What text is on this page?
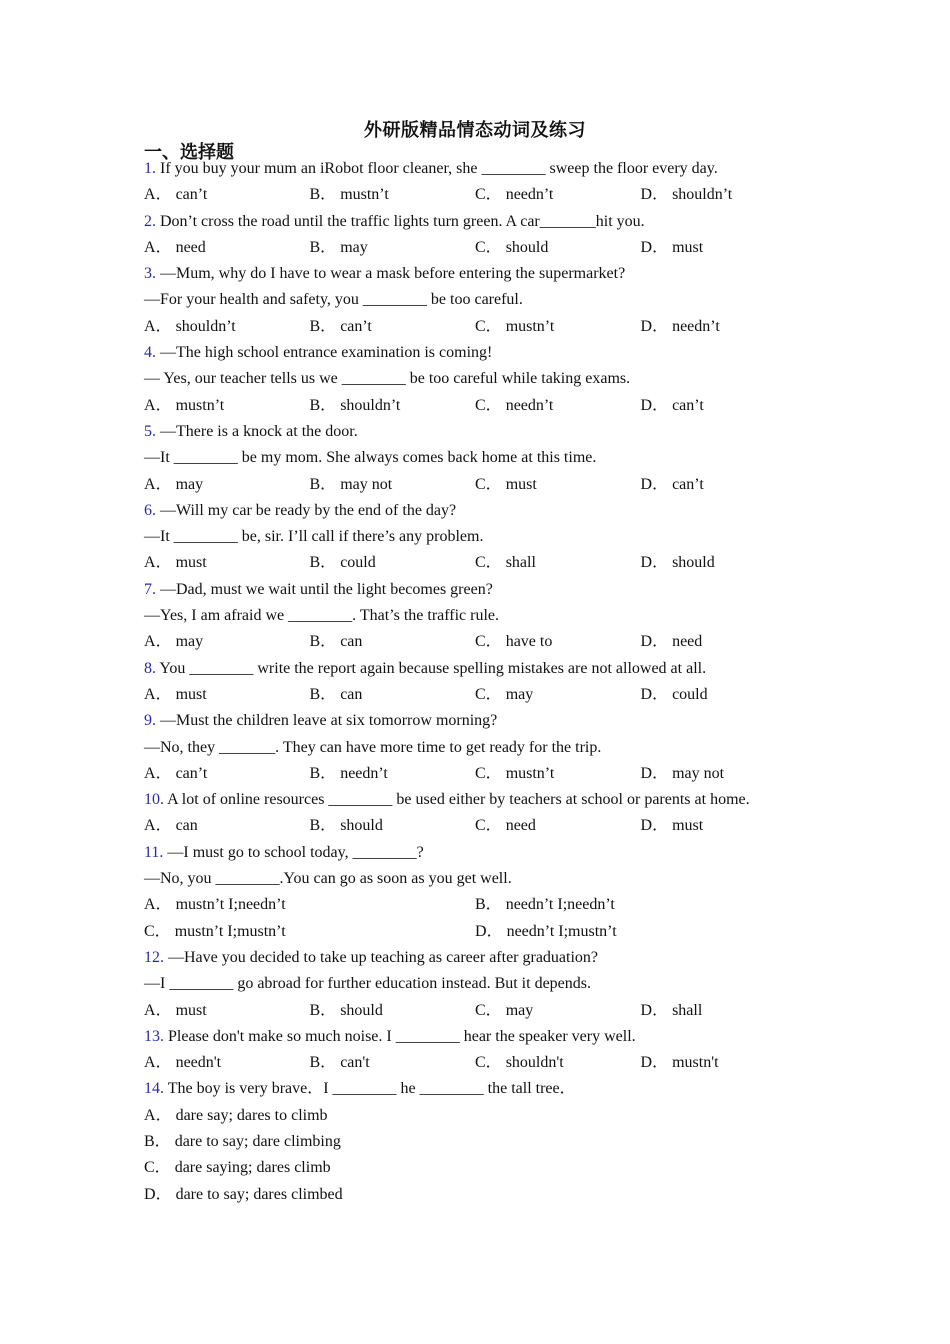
外研版精品情态动词及练习
一、选择题
1. If you buy your mum an iRobot floor cleaner, she ________ sweep the floor every day.
A． can’t	B． mustn’t	C． needn’t	D． shouldn’t
2. Don’t cross the road until the traffic lights turn green. A car_______hit you.
A． need	B． may	C． should	D． must
3. —Mum, why do I have to wear a mask before entering the supermarket?
—For your health and safety, you ________ be too careful.
A． shouldn’t	B． can’t	C． mustn’t	D． needn’t
4. —The high school entrance examination is coming!
— Yes, our teacher tells us we ________ be too careful while taking exams.
A． mustn’t	B． shouldn’t	C． needn’t	D． can’t
5. —There is a knock at the door.
—It ________ be my mom. She always comes back home at this time.
A． may	B． may not	C． must	D． can’t
6. —Will my car be ready by the end of the day?
—It ________ be, sir. I’ll call if there’s any problem.
A． must	B． could	C． shall	D． should
7. —Dad, must we wait until the light becomes green?
—Yes, I am afraid we ________. That’s the traffic rule.
A． may	B． can	C． have to	D． need
8. You ________ write the report again because spelling mistakes are not allowed at all.
A． must	B． can	C． may	D． could
9. —Must the children leave at six tomorrow morning?
—No, they _______. They can have more time to get ready for the trip.
A． can’t	B． needn’t	C． mustn’t	D． may not
10. A lot of online resources ________ be used either by teachers at school or parents at home.
A． can	B． should	C． need	D． must
11. —I must go to school today, ________?
—No, you ________.You can go as soon as you get well.
A． mustn’t I;needn’t	B． needn’t I;needn’t
C． mustn’t I;mustn’t	D． needn’t I;mustn’t
12. —Have you decided to take up teaching as career after graduation?
—I ________ go abroad for further education instead. But it depends.
A． must	B． should	C． may	D． shall
13. Please don't make so much noise. I ________ hear the speaker very well.
A． needn't	B． can't	C． shouldn't	D． mustn't
14. The boy is very brave．I ________ he ________ the tall tree．
A． dare say; dares to climb
B． dare to say; dare climbing
C． dare saying; dares climb
D． dare to say; dares climbed
